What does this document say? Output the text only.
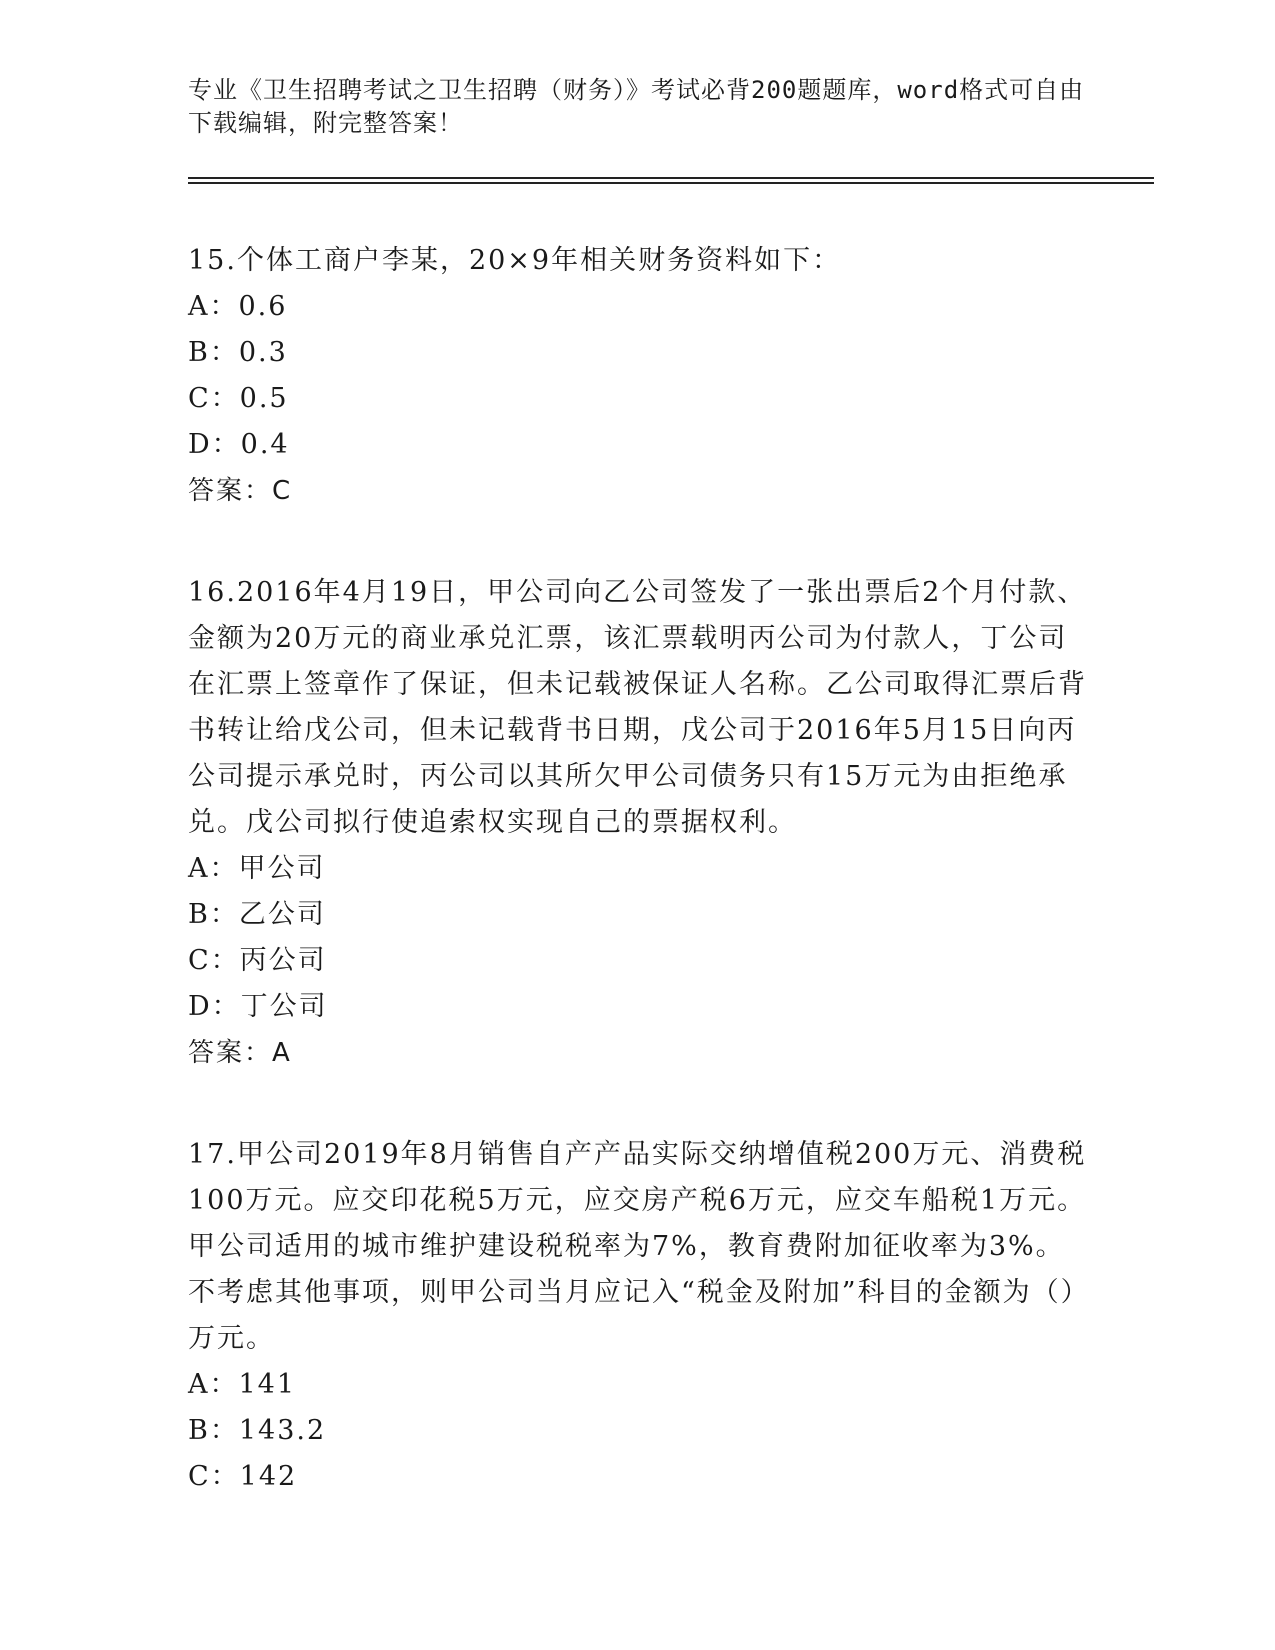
专业《卫生招聘考试之卫生招聘（财务）》考试必背200题题库，word格式可自由下载编辑，附完整答案！

15.个体工商户李某，20×9年相关财务资料如下：

A：0.6
B：0.3
C：0.5
D：0.4
答案：C

16.2016年4月19日，甲公司向乙公司签发了一张出票后2个月付款、金额为20万元的商业承兑汇票，该汇票载明丙公司为付款人，丁公司在汇票上签章作了保证，但未记载被保证人名称。乙公司取得汇票后背书转让给戊公司，但未记载背书日期，戊公司于2016年5月15日向丙公司提示承兑时，丙公司以其所欠甲公司债务只有15万元为由拒绝承兑。戊公司拟行使追索权实现自己的票据权利。

A：甲公司
B：乙公司
C：丙公司
D：丁公司
答案：A

17.甲公司2019年8月销售自产产品实际交纳增值税200万元、消费税100万元。应交印花税5万元，应交房产税6万元，应交车船税1万元。甲公司适用的城市维护建设税税率为7%，教育费附加征收率为3%。不考虑其他事项，则甲公司当月应记入“税金及附加”科目的金额为（）万元。

A：141
B：143.2
C：142
